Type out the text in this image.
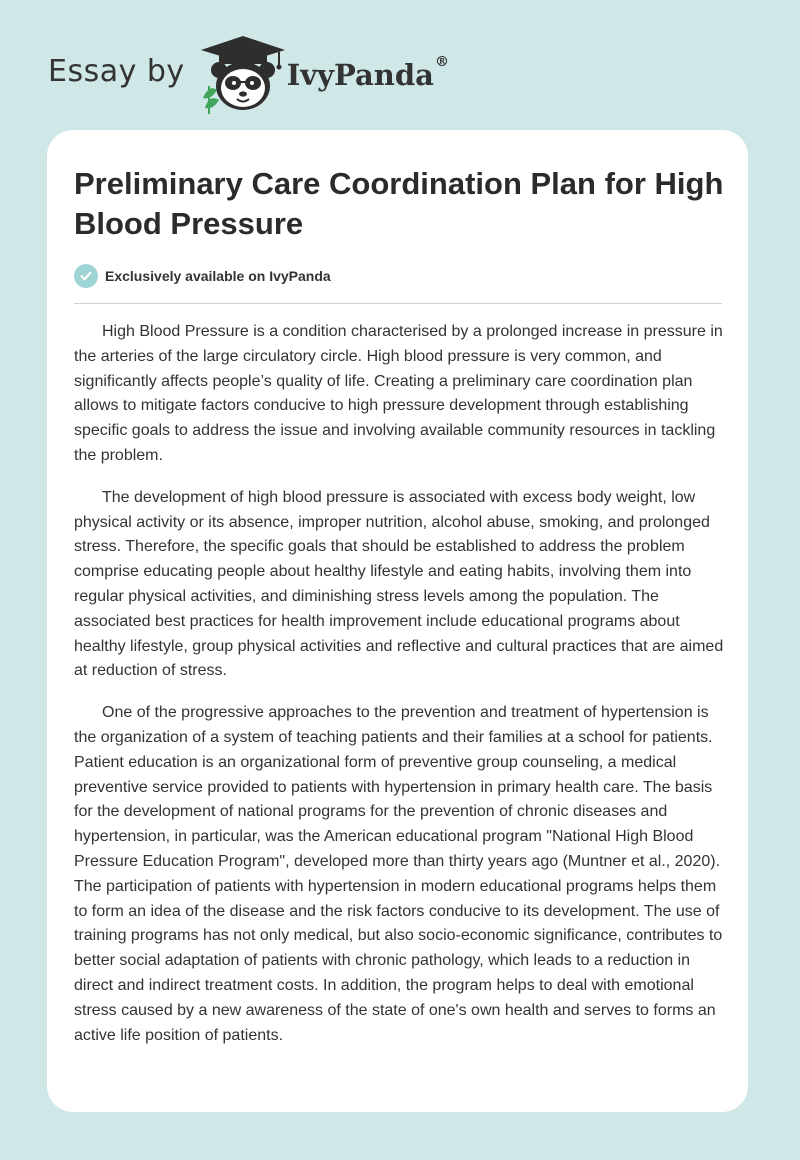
Essay by	IvyPanda®
Preliminary Care Coordination Plan for High Blood Pressure
Exclusively available on IvyPanda

High Blood Pressure is a condition characterised by a prolonged increase in pressure in the arteries of the large circulatory circle. High blood pressure is very common, and significantly affects people’s quality of life. Creating a preliminary care coordination plan allows to mitigate factors conducive to high pressure development through establishing specific goals to address the issue and involving available community resources in tackling the problem.

The development of high blood pressure is associated with excess body weight, low physical activity or its absence, improper nutrition, alcohol abuse, smoking, and prolonged stress. Therefore, the specific goals that should be established to address the problem comprise educating people about healthy lifestyle and eating habits, involving them into regular physical activities, and diminishing stress levels among the population. The associated best practices for health improvement include educational programs about healthy lifestyle, group physical activities and reflective and cultural practices that are aimed at reduction of stress.

One of the progressive approaches to the prevention and treatment of hypertension is the organization of a system of teaching patients and their families at a school for patients. Patient education is an organizational form of preventive group counseling, a medical preventive service provided to patients with hypertension in primary health care. The basis for the development of national programs for the prevention of chronic diseases and hypertension, in particular, was the American educational program "National High Blood Pressure Education Program", developed more than thirty years ago (Muntner et al., 2020). The participation of patients with hypertension in modern educational programs helps them to form an idea of the disease and the risk factors conducive to its development. The use of training programs has not only medical, but also socio-economic significance, contributes to better social adaptation of patients with chronic pathology, which leads to a reduction in direct and indirect treatment costs. In addition, the program helps to deal with emotional stress caused by a new awareness of the state of one's own health and serves to forms an active life position of patients.
